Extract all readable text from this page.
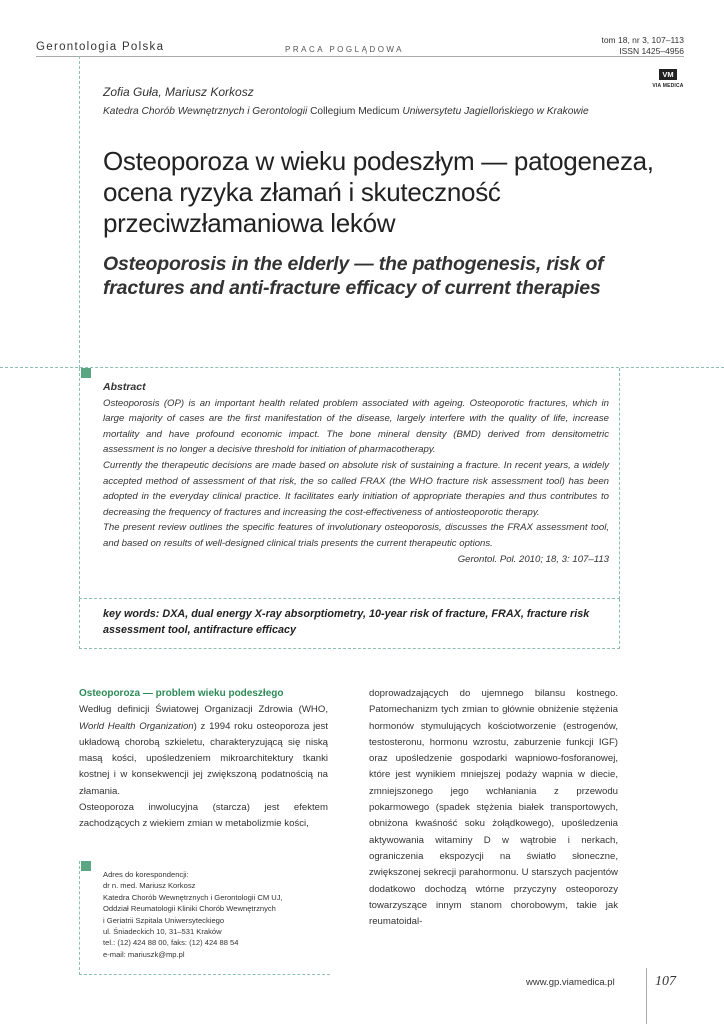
Gerontologia Polska	PRACA POGLĄDOWA
tom 18, nr 3, 107–113
ISSN 1425–4956
VM
VIA MEDICA
Zofia Guła, Mariusz Korkosz
Katedra Chorób Wewnętrznych i Gerontologii Collegium Medicum Uniwersytetu Jagiellońskiego w Krakowie
Osteoporoza w wieku podeszłym — patogeneza, ocena ryzyka złamań i skuteczność przeciwzłamaniowa leków
Osteoporosis in the elderly — the pathogenesis, risk of fractures and anti-fracture efficacy of current therapies
Abstract

Osteoporosis (OP) is an important health related problem associated with ageing. Osteoporotic fractures, which in large majority of cases are the first manifestation of the disease, largely interfere with the quality of life, increase mortality and have profound economic impact. The bone mineral density (BMD) derived from densitometric assessment is no longer a decisive threshold for initiation of pharmacotherapy.

Currently the therapeutic decisions are made based on absolute risk of sustaining a fracture. In recent years, a widely accepted method of assessment of that risk, the so called FRAX (the WHO fracture risk assessment tool) has been adopted in the everyday clinical practice. It facilitates early initiation of appropriate therapies and thus contributes to decreasing the frequency of fractures and increasing the cost-effectiveness of antiosteoporotic therapy.

The present review outlines the specific features of involutionary osteoporosis, discusses the FRAX assessment tool, and based on results of well-designed clinical trials presents the current therapeutic options.

Gerontol. Pol. 2010; 18, 3: 107–113

key words: DXA, dual energy X-ray absorptiometry, 10-year risk of fracture, FRAX, fracture risk assessment tool, antifracture efficacy
Osteoporoza — problem wieku podeszłego

Według definicji Światowej Organizacji Zdrowia (WHO, World Health Organization) z 1994 roku osteoporoza jest układową chorobą szkieletu, charakteryzującą się niską masą kości, upośledzeniem mikroarchitektury tkanki kostnej i w konsekwencji jej zwiększoną podatnością na złamania.

Osteoporoza inwolucyjna (starcza) jest efektem zachodzących z wiekiem zmian w metabolizmie kości,

doprowadzających do ujemnego bilansu kostnego. Patomechanizm tych zmian to głównie obniżenie stężenia hormonów stymulujących kościotworzenie (estrogenów, testosteronu, hormonu wzrostu, zaburzenie funkcji IGF) oraz upośledzenie gospodarki wapniowo-fosforanowej, które jest wynikiem mniejszej podaży wapnia w diecie, zmniejszonego jego wchłaniania z przewodu pokarmowego (spadek stężenia białek transportowych, obniżona kwaśność soku żołądkowego), upośledzenia aktywowania witaminy D w wątrobie i nerkach, ograniczenia ekspozycji na światło słoneczne, zwiększonej sekrecji parahormonu. U starszych pacjentów dodatkowo dochodzą wtórne przyczyny osteoporozy towarzyszące innym stanom chorobowym, takie jak reumatoidal-

Adres do korespondencji:
dr n. med. Mariusz Korkosz
Katedra Chorób Wewnętrznych i Gerontologii CM UJ,
Oddział Reumatologii Kliniki Chorób Wewnętrznych
i Geriatrii Szpitala Uniwersyteckiego
ul. Śniadeckich 10, 31–531 Kraków
tel.: (12) 424 88 00, faks: (12) 424 88 54
e-mail: mariuszk@mp.pl
www.gp.viamedica.pl	107
